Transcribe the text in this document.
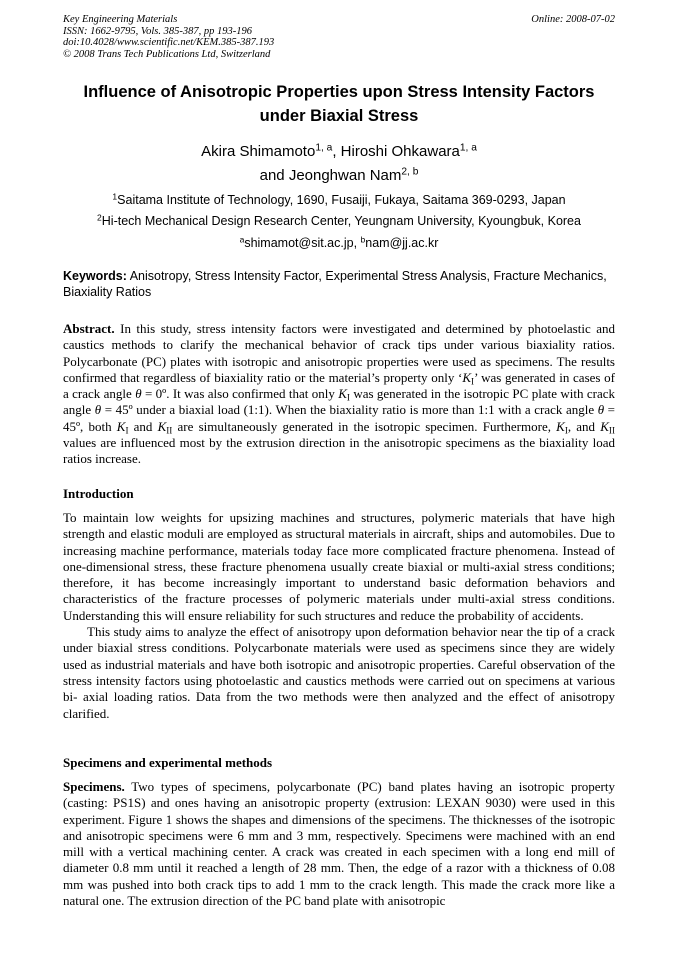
Key Engineering Materials
ISSN: 1662-9795, Vols. 385-387, pp 193-196
doi:10.4028/www.scientific.net/KEM.385-387.193
© 2008 Trans Tech Publications Ltd, Switzerland
Online: 2008-07-02
Influence of Anisotropic Properties upon Stress Intensity Factors
under Biaxial Stress
Akira Shimamoto$^{1, a}$, Hiroshi Ohkawara$^{1, a}$
and Jeonghwan Nam$^{2, b}$
$^1$Saitama Institute of Technology, 1690, Fusaiji, Fukaya, Saitama 369-0293, Japan
$^2$Hi-tech Mechanical Design Research Center, Yeungnam University, Kyoungbuk, Korea
$^a$shimamot@sit.ac.jp, $^b$nam@jj.ac.kr
Keywords: Anisotropy, Stress Intensity Factor, Experimental Stress Analysis, Fracture Mechanics, Biaxiality Ratios
Abstract. In this study, stress intensity factors were investigated and determined by photoelastic and caustics methods to clarify the mechanical behavior of crack tips under various biaxiality ratios. Polycarbonate (PC) plates with isotropic and anisotropic properties were used as specimens. The results confirmed that regardless of biaxiality ratio or the material’s property only ‘$K_I$’ was generated in cases of a crack angle θ = 0º. It was also confirmed that only $K_I$ was generated in the isotropic PC plate with crack angle θ = 45º under a biaxial load (1:1). When the biaxiality ratio is more than 1:1 with a crack angle θ = 45º, both $K_I$ and $K_{II}$ are simultaneously generated in the isotropic specimen. Furthermore, $K_I$, and $K_{II}$ values are influenced most by the extrusion direction in the anisotropic specimens as the biaxiality load ratios increase.
Introduction
To maintain low weights for upsizing machines and structures, polymeric materials that have high strength and elastic moduli are employed as structural materials in aircraft, ships and automobiles. Due to increasing machine performance, materials today face more complicated fracture phenomena. Instead of one-dimensional stress, these fracture phenomena usually create biaxial or multi-axial stress conditions; therefore, it has become increasingly important to understand basic deformation behaviors and characteristics of the fracture processes of polymeric materials under multi-axial stress conditions. Understanding this will ensure reliability for such structures and reduce the probability of accidents.
This study aims to analyze the effect of anisotropy upon deformation behavior near the tip of a crack under biaxial stress conditions. Polycarbonate materials were used as specimens since they are widely used as industrial materials and have both isotropic and anisotropic properties. Careful observation of the stress intensity factors using photoelastic and caustics methods were carried out on specimens at various bi- axial loading ratios. Data from the two methods were then analyzed and the effect of anisotropy clarified.
Specimens and experimental methods
Specimens. Two types of specimens, polycarbonate (PC) band plates having an isotropic property (casting: PS1S) and ones having an anisotropic property (extrusion: LEXAN 9030) were used in this experiment. Figure 1 shows the shapes and dimensions of the specimens. The thicknesses of the isotropic and anisotropic specimens were 6 mm and 3 mm, respectively. Specimens were machined with an end mill with a vertical machining center. A crack was created in each specimen with a long end mill of diameter 0.8 mm until it reached a length of 28 mm. Then, the edge of a razor with a thickness of 0.08 mm was pushed into both crack tips to add 1 mm to the crack length. This made the crack more like a natural one. The extrusion direction of the PC band plate with anisotropic
